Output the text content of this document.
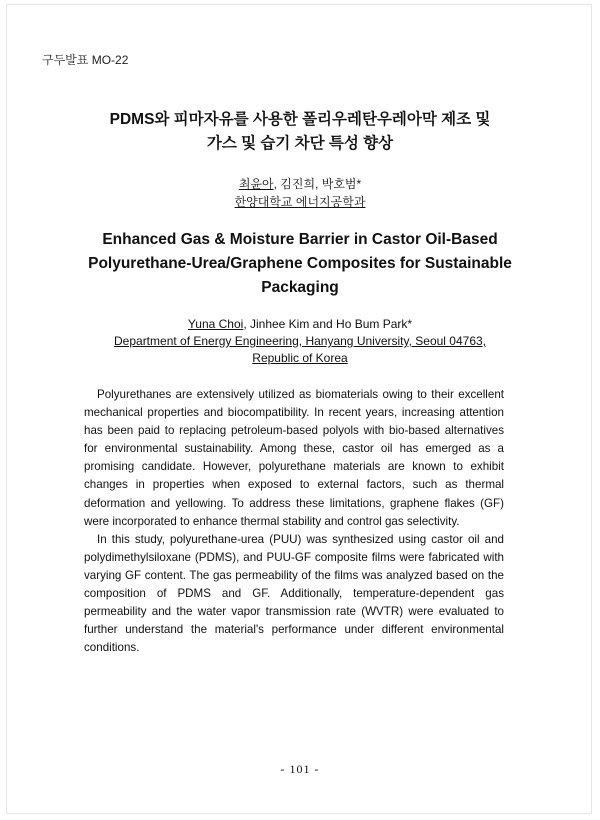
구두발표 MO-22
PDMS와 피마자유를 사용한 폴리우레탄우레아막 제조 및
가스 및 습기 차단 특성 향상
최윤아, 김진희, 박호범*
한양대학교 에너지공학과
Enhanced Gas & Moisture Barrier in Castor Oil-Based
Polyurethane-Urea/Graphene Composites for Sustainable
Packaging
Yuna Choi, Jinhee Kim and Ho Bum Park*
Department of Energy Engineering, Hanyang University, Seoul 04763,
Republic of Korea

Polyurethanes are extensively utilized as biomaterials owing to their excellent mechanical properties and biocompatibility. In recent years, increasing attention has been paid to replacing petroleum-based polyols with bio-based alternatives for environmental sustainability. Among these, castor oil has emerged as a promising candidate. However, polyurethane materials are known to exhibit changes in properties when exposed to external factors, such as thermal deformation and yellowing. To address these limitations, graphene flakes (GF) were incorporated to enhance thermal stability and control gas selectivity.

In this study, polyurethane-urea (PUU) was synthesized using castor oil and polydimethylsiloxane (PDMS), and PUU-GF composite films were fabricated with varying GF content. The gas permeability of the films was analyzed based on the composition of PDMS and GF. Additionally, temperature-dependent gas permeability and the water vapor transmission rate (WVTR) were evaluated to further understand the material's performance under different environmental conditions.

- 101 -
